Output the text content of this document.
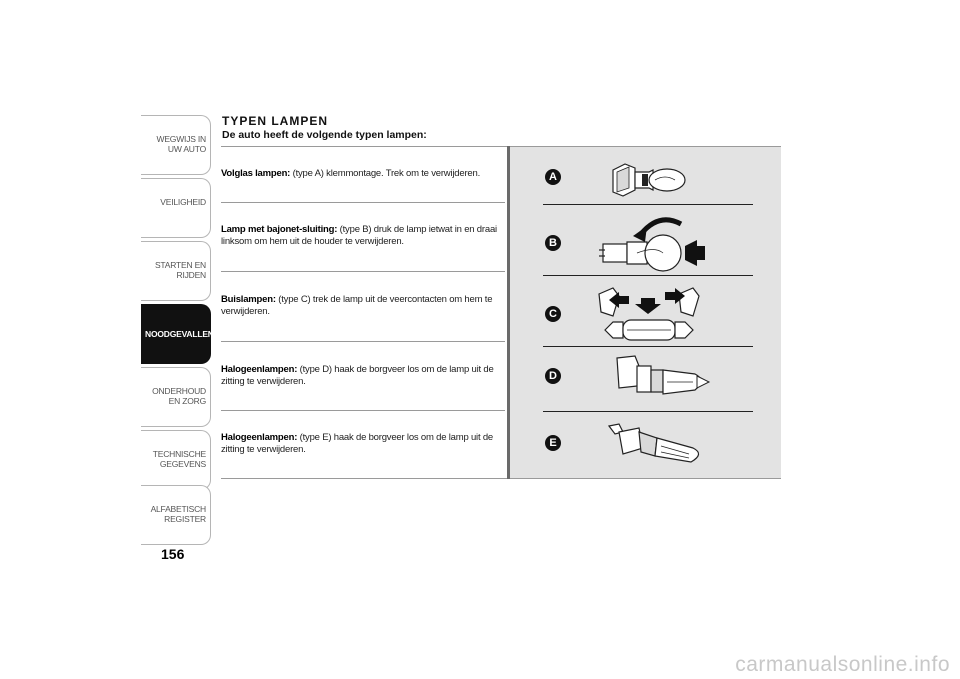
WEGWIJS IN UW AUTO
VEILIGHEID
STARTEN EN RIJDEN
NOODGEVALLEN
ONDERHOUD EN ZORG
TECHNISCHE GEGEVENS
ALFABETISCH REGISTER
156
TYPEN LAMPEN
De auto heeft de volgende typen lampen:
Volglas lampen: (type A) klemmontage. Trek om te verwijderen.
Lamp met bajonet-sluiting: (type B) druk de lamp ietwat in en draai linksom om hem uit de houder te verwijderen.
Buislampen: (type C) trek de lamp uit de veercontacten om hem te verwijderen.
Halogeenlampen: (type D) haak de borgveer los om de lamp uit de zitting te verwijderen.
Halogeenlampen: (type E) haak de borgveer los om de lamp uit de zitting te verwijderen.
A
B
C
D
E
carmanualsonline.info
